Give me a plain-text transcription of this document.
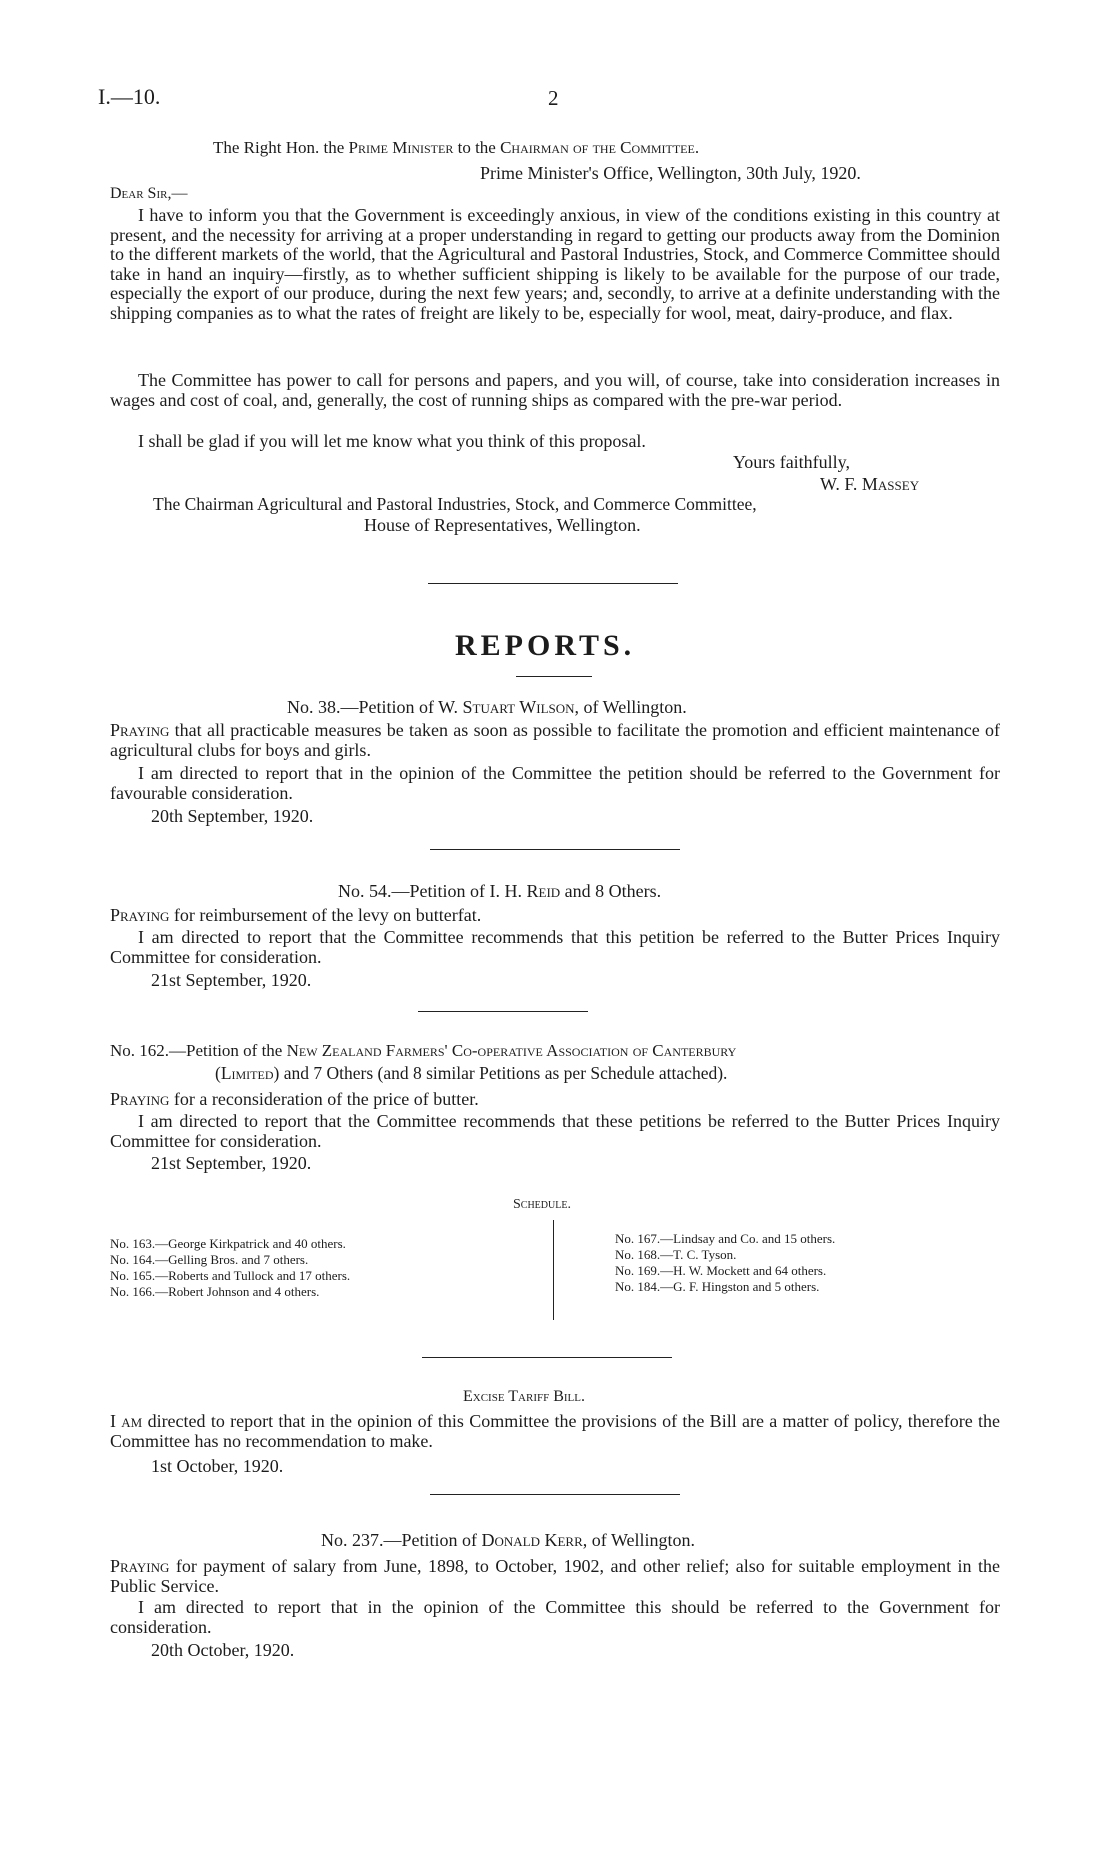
I.—10.	2
The Right Hon. the Prime Minister to the Chairman of the Committee.
Prime Minister's Office, Wellington, 30th July, 1920.
Dear Sir,—
I have to inform you that the Government is exceedingly anxious, in view of the conditions existing in this country at present, and the necessity for arriving at a proper understanding in regard to getting our products away from the Dominion to the different markets of the world, that the Agricultural and Pastoral Industries, Stock, and Commerce Committee should take in hand an inquiry—firstly, as to whether sufficient shipping is likely to be available for the purpose of our trade, especially the export of our produce, during the next few years; and, secondly, to arrive at a definite understanding with the shipping companies as to what the rates of freight are likely to be, especially for wool, meat, dairy-produce, and flax.
The Committee has power to call for persons and papers, and you will, of course, take into consideration increases in wages and cost of coal, and, generally, the cost of running ships as compared with the pre-war period.
I shall be glad if you will let me know what you think of this proposal.
Yours faithfully,
W. F. Massey
The Chairman Agricultural and Pastoral Industries, Stock, and Commerce Committee,
House of Representatives, Wellington.
REPORTS.
No. 38.—Petition of W. Stuart Wilson, of Wellington.
Praying that all practicable measures be taken as soon as possible to facilitate the promotion and efficient maintenance of agricultural clubs for boys and girls.
I am directed to report that in the opinion of the Committee the petition should be referred to the Government for favourable consideration.
20th September, 1920.
No. 54.—Petition of I. H. Reid and 8 Others.
Praying for reimbursement of the levy on butterfat.
I am directed to report that the Committee recommends that this petition be referred to the Butter Prices Inquiry Committee for consideration.
21st September, 1920.
No. 162.—Petition of the New Zealand Farmers' Co-operative Association of Canterbury
(Limited) and 7 Others (and 8 similar Petitions as per Schedule attached).
Praying for a reconsideration of the price of butter.
I am directed to report that the Committee recommends that these petitions be referred to the Butter Prices Inquiry Committee for consideration.
21st September, 1920.
Schedule.
No. 163.—George Kirkpatrick and 40 others.
No. 164.—Gelling Bros. and 7 others.
No. 165.—Roberts and Tullock and 17 others.
No. 166.—Robert Johnson and 4 others.
No. 167.—Lindsay and Co. and 15 others.
No. 168.—T. C. Tyson.
No. 169.—H. W. Mockett and 64 others.
No. 184.—G. F. Hingston and 5 others.
Excise Tariff Bill.
I am directed to report that in the opinion of this Committee the provisions of the Bill are a matter of policy, therefore the Committee has no recommendation to make.
1st October, 1920.
No. 237.—Petition of Donald Kerr, of Wellington.
Praying for payment of salary from June, 1898, to October, 1902, and other relief; also for suitable employment in the Public Service.
I am directed to report that in the opinion of the Committee this should be referred to the Government for consideration.
20th October, 1920.
